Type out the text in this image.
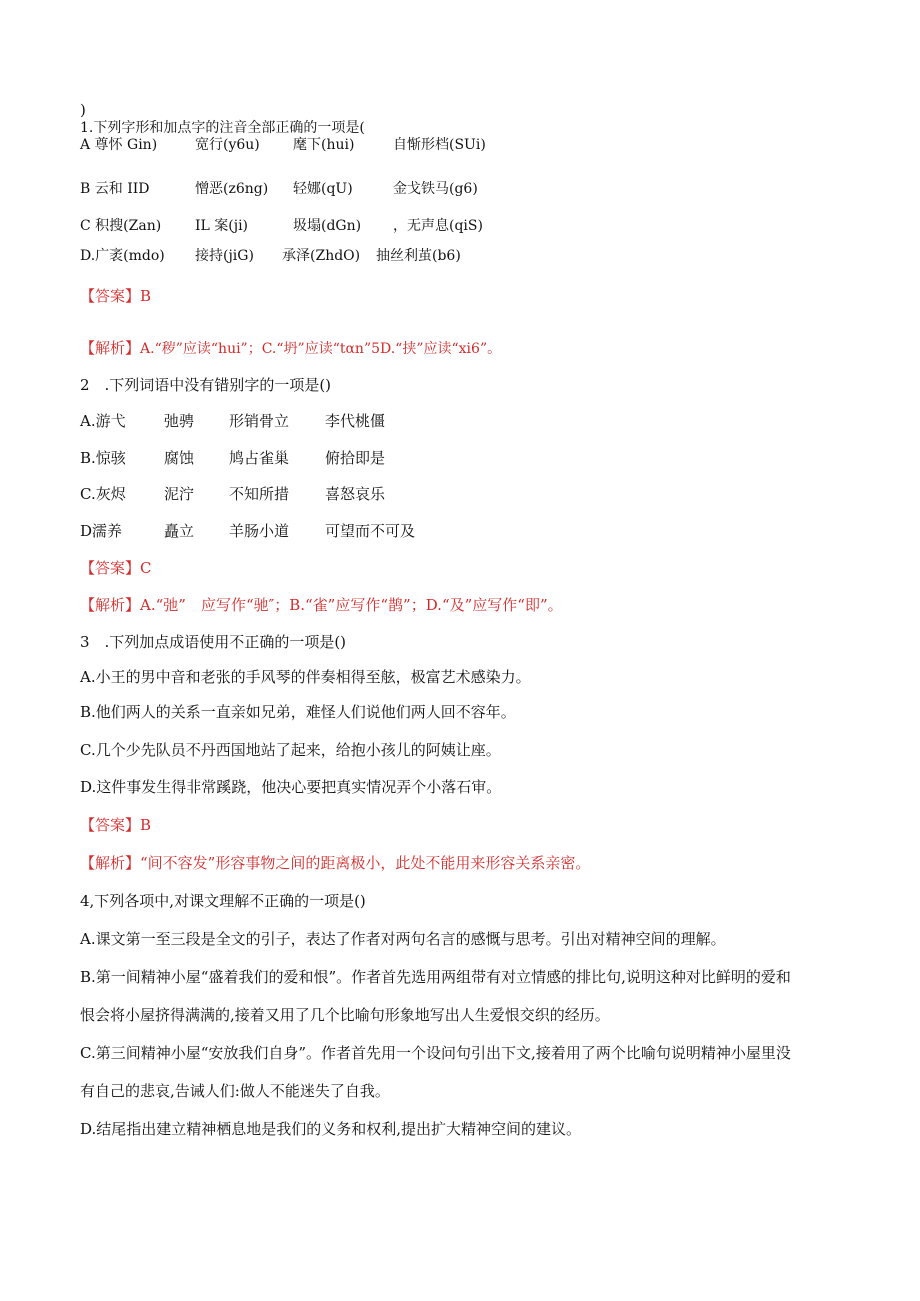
)
1.下列字形和加点字的注音全部正确的一项是(
A 尊怀 Gin)	宽行(y6u) 麾下(hui)	自惭形档(SUi)
B 云和 IID	憎恶(z6ng) 轻娜(qU)	金戈铁马(g6)
C 积搜(Zan) IL 案(ji)	圾塌(dGn) ，无声息(qiS)
D.广袤(mdo) 接持(jiG) 承泽(ZhdO) 抽丝利茧(b6)
【答案】B
【解析】A.“秽”应读“hui”；C.“坍”应读“tαn”5D.“挟”应读“xi6”。
2　.下列词语中没有错别字的一项是()
A.游弋	弛骋 形销骨立 李代桃僵
B.惊骇	腐蚀 鸠占雀巢 俯拾即是
C.灰烬	泥泞 不知所措 喜怒哀乐
D濡养	矗立 羊肠小道 可望而不可及
【答案】C
【解析】A.“弛”　应写作“驰″；B.“雀”应写作“鹊”；D.“及”应写作“即”。
3　.下列加点成语使用不正确的一项是()
A.小王的男中音和老张的手风琴的伴奏相得至舷，极富艺术感染力。
B.他们两人的关系一直亲如兄弟，难怪人们说他们两人回不容年。
C.几个少先队员不丹西国地站了起来，给抱小孩儿的阿姨让座。
D.这件事发生得非常蹊跷，他决心要把真实情况弄个小落石审。
【答案】B
【解析】“间不容发”形容事物之间的距离极小，此处不能用来形容关系亲密。
4,下列各项中,对课文理解不正确的一项是()
A.课文第一至三段是全文的引子，表达了作者对两句名言的感慨与思考。引出对精神空间的理解。
B.第一间精神小屋“盛着我们的爱和恨”。作者首先选用两组带有对立情感的排比句,说明这种对比鲜明的爱和
恨会将小屋挤得满满的,接着又用了几个比喻句形象地写出人生爱恨交织的经历。
C.第三间精神小屋“安放我们自身”。作者首先用一个设问句引出下文,接着用了两个比喻句说明精神小屋里没
有自己的悲哀,告诫人们:做人不能迷失了自我。
D.结尾指出建立精神栖息地是我们的义务和权利,提出扩大精神空间的建议。
